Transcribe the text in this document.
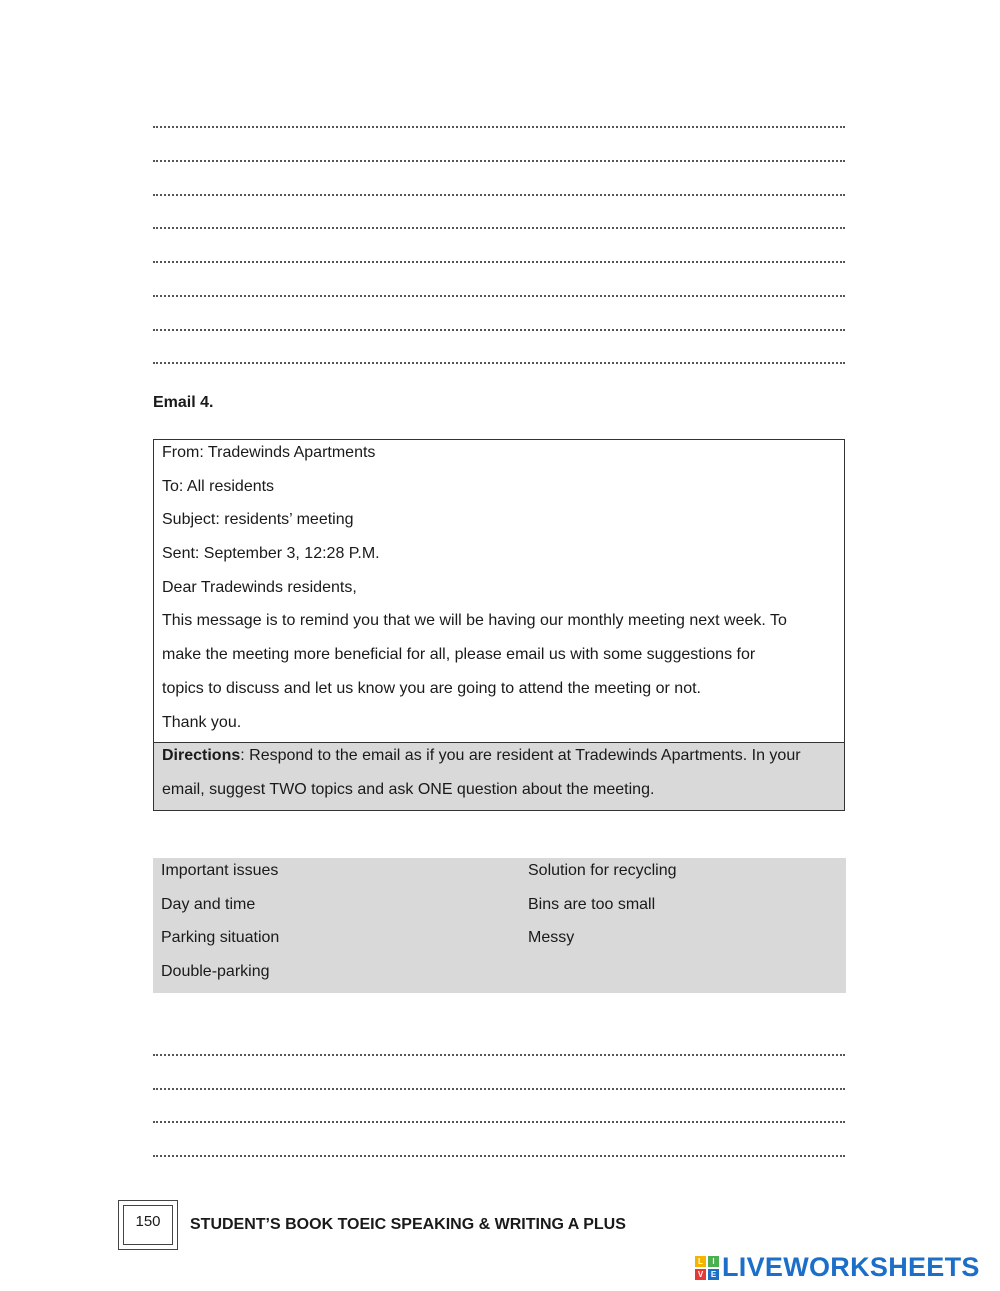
Email 4.
From: Tradewinds Apartments
To: All residents
Subject: residents’ meeting
Sent: September 3, 12:28 P.M.
Dear Tradewinds residents,
This message is to remind you that we will be having our monthly meeting next week. To
make the meeting more beneficial for all, please email us with some suggestions for
topics to discuss and let us know you are going to attend the meeting or not.
Thank you.
Directions: Respond to the email as if you are resident at Tradewinds Apartments. In your
email, suggest TWO topics and ask ONE question about the meeting.
Important issues
Day and time
Parking situation
Double-parking
Solution for recycling
Bins are too small
Messy
150	STUDENT’S BOOK TOEIC SPEAKING & WRITING A PLUS
L	I
V E LIVEWORKSHEETS
